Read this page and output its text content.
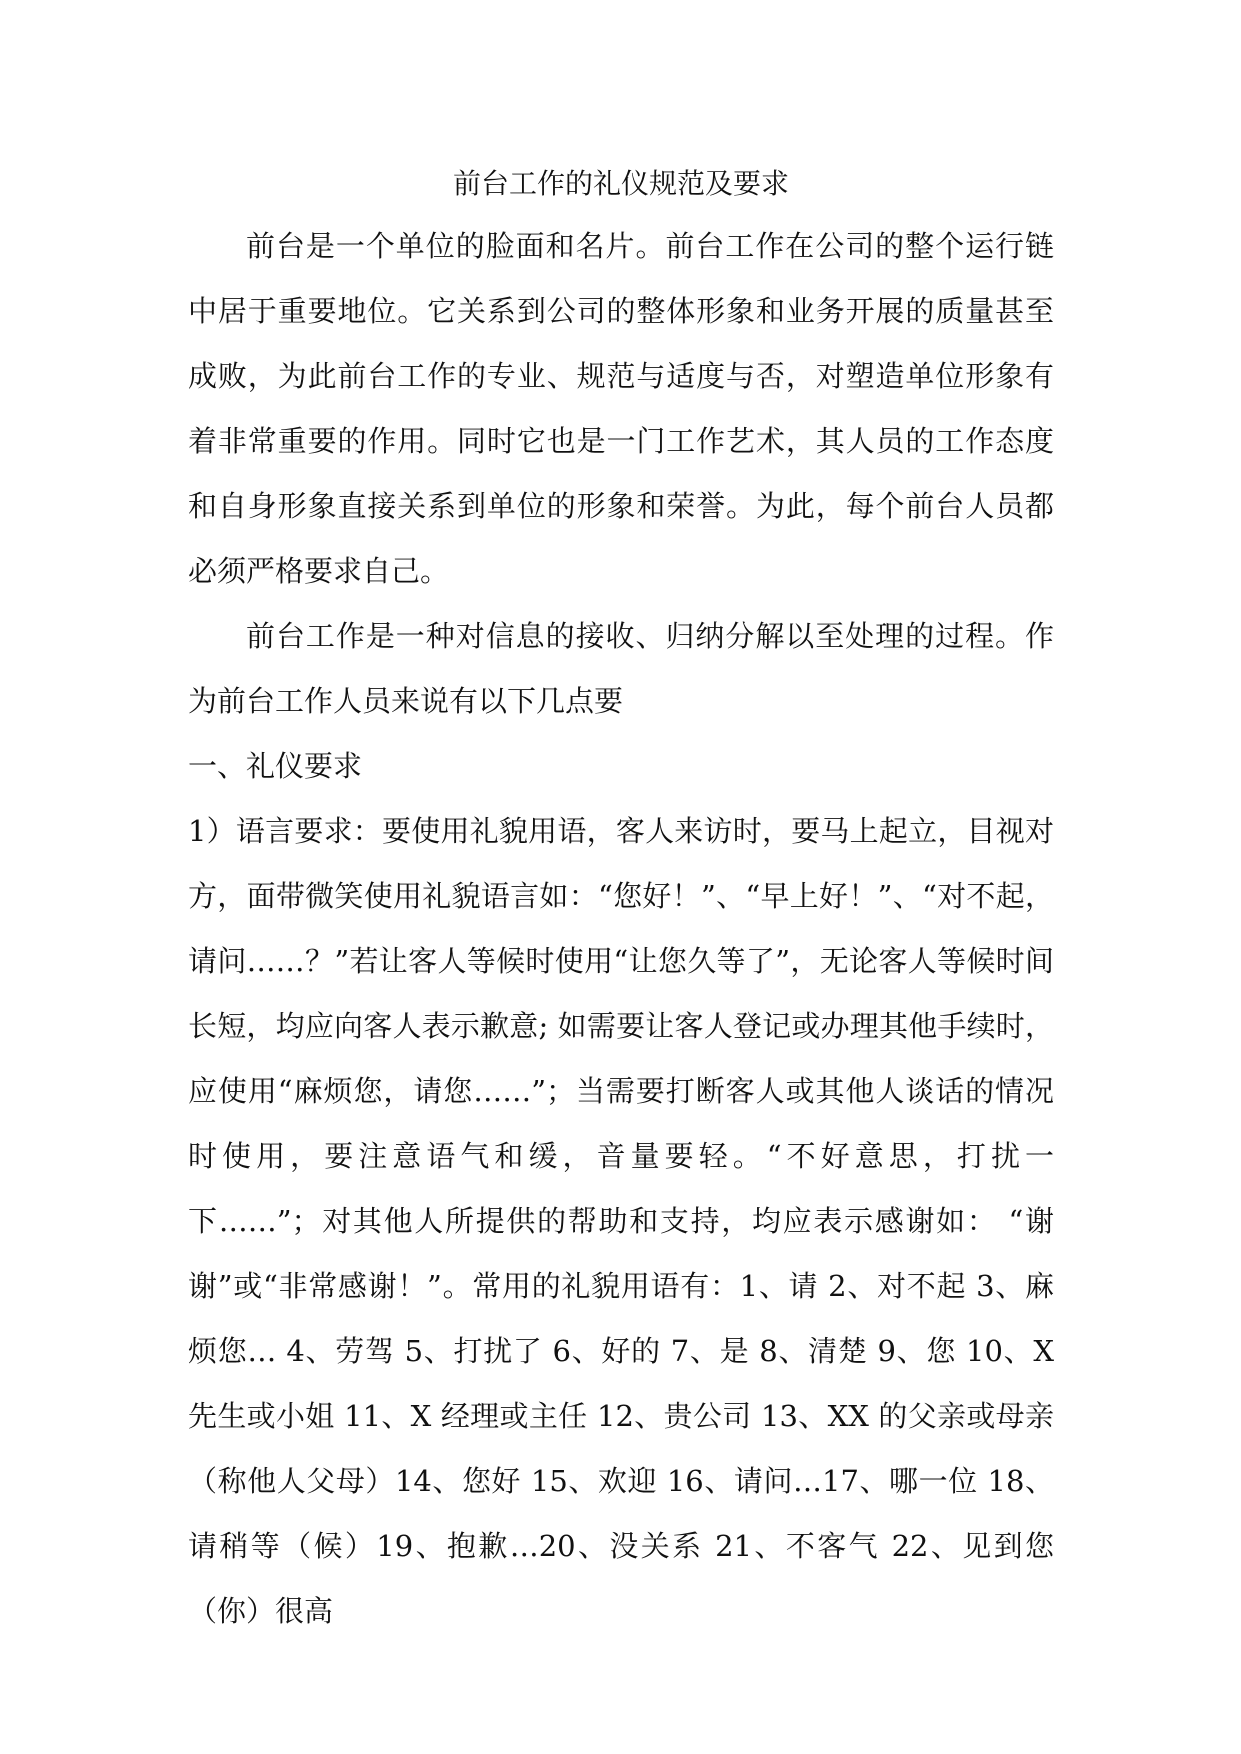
前台工作的礼仪规范及要求

前台是一个单位的脸面和名片。前台工作在公司的整个运行链中居于重要地位。它关系到公司的整体形象和业务开展的质量甚至成败，为此前台工作的专业、规范与适度与否，对塑造单位形象有着非常重要的作用。同时它也是一门工作艺术，其人员的工作态度和自身形象直接关系到单位的形象和荣誉。为此，每个前台人员都必须严格要求自己。

前台工作是一种对信息的接收、归纳分解以至处理的过程。作为前台工作人员来说有以下几点要

一、礼仪要求

1）语言要求：要使用礼貌用语，客人来访时，要马上起立，目视对方，面带微笑使用礼貌语言如：“您好！”、“早上好！”、“对不起，请问……？”若让客人等候时使用“让您久等了”，无论客人等候时间长短，均应向客人表示歉意; 如需要让客人登记或办理其他手续时，应使用“麻烦您，请您……”；当需要打断客人或其他人谈话的情况时使用，要注意语气和缓，音量要轻。“不好意思，打扰一下……”；对其他人所提供的帮助和支持，均应表示感谢如： “谢谢”或“非常感谢！”。常用的礼貌用语有：1、请 2、对不起 3、麻烦您… 4、劳驾 5、打扰了 6、好的 7、是 8、清楚 9、您 10、X 先生或小姐 11、X 经理或主任 12、贵公司 13、XX 的父亲或母亲（称他人父母）14、您好 15、欢迎 16、请问…17、哪一位 18、请稍等（候）19、抱歉…20、没关系 21、不客气 22、见到您（你）很高
